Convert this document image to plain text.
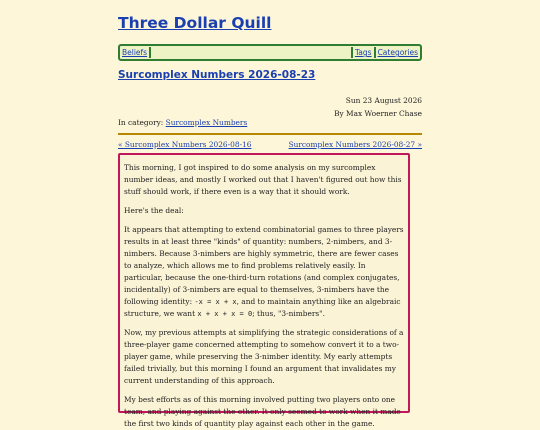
Three Dollar Quill
Beliefs	Tags Categories
Surcomplex Numbers 2026-08-23
Sun 23 August 2026
By Max Woerner Chase
In category: Surcomplex Numbers
« Surcomplex Numbers 2026-08-16	Surcomplex Numbers 2026-08-27 »

This morning, I got inspired to do some analysis on my surcomplex number ideas, and mostly I worked out that I haven't figured out how this stuff should work, if there even is a way that it should work.

Here's the deal:

It appears that attempting to extend combinatorial games to three players results in at least three "kinds" of quantity: numbers, 2-nimbers, and 3-nimbers. Because 3-nimbers are highly symmetric, there are fewer cases to analyze, which allows me to find problems relatively easily. In particular, because the one-third-turn rotations (and complex conjugates, incidentally) of 3-nimbers are equal to themselves, 3-nimbers have the following identity: -x = x + x, and to maintain anything like an algebraic structure, we want x + x + x = 0; thus, "3-nimbers".

Now, my previous attempts at simplifying the strategic considerations of a three-player game concerned attempting to somehow convert it to a two-player game, while preserving the 3-nimber identity. My early attempts failed trivially, but this morning I found an argument that invalidates my current understanding of this approach.

My best efforts as of this morning involved putting two players onto one team, and playing against the other. It only seemed to work when it made the first two kinds of quantity play against each other in the game.
